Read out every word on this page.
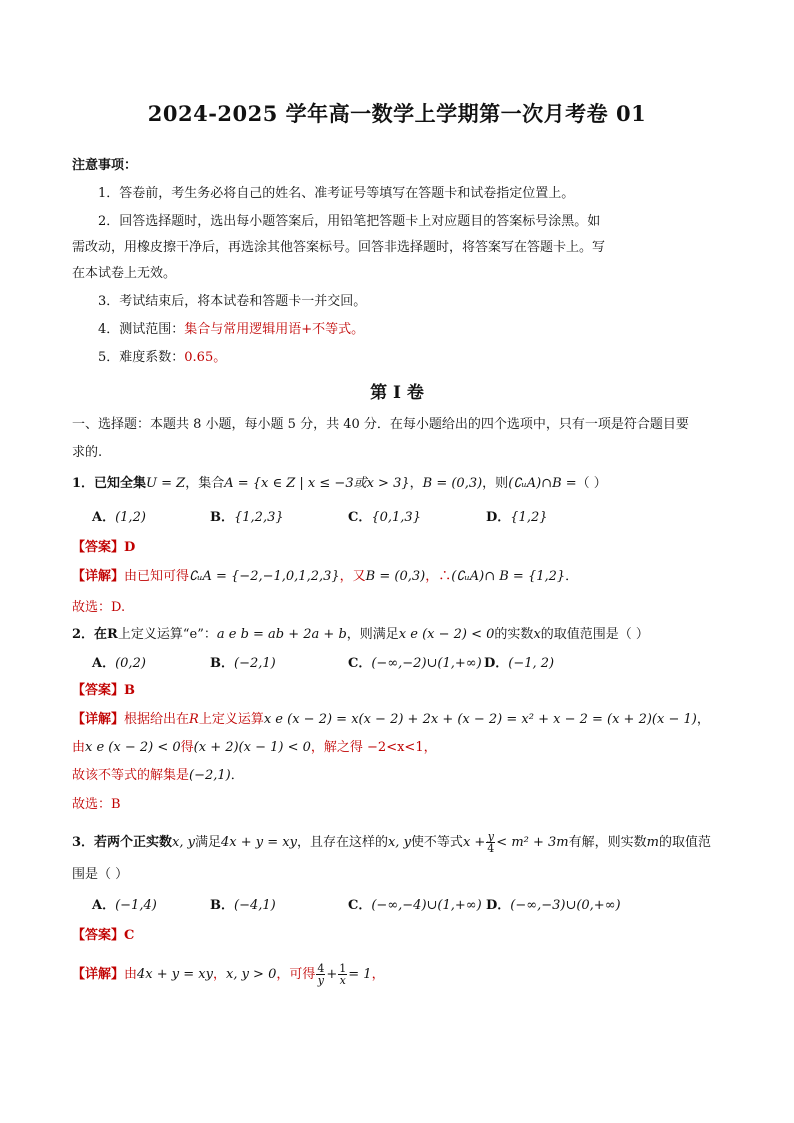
2024-2025 学年高一数学上学期第一次月考卷 01
注意事项：
1．答卷前，考生务必将自己的姓名、准考证号等填写在答题卡和试卷指定位置上。
2．回答选择题时，选出每小题答案后，用铅笔把答题卡上对应题目的答案标号涂黑。如
需改动，用橡皮擦干净后，再选涂其他答案标号。回答非选择题时，将答案写在答题卡上。写
在本试卷上无效。
3．考试结束后，将本试卷和答题卡一并交回。
4．测试范围：集合与常用逻辑用语+不等式。
5．难度系数：0.65。
第 Ⅰ 卷
一、选择题：本题共 8 小题，每小题 5 分，共 40 分．在每小题给出的四个选项中，只有一项是符合题目要
求的.
1．已知全集U = Z，集合A = {x ∈ Z | x ≤ −3或x > 3}，B = (0,3)，则(∁ᵤA)∩B =（ ）
A．(1,2)	B．{1,2,3}	C．{0,1,3}	D．{1,2}
【答案】D
【详解】由已知可得∁ᵤA = {−2,−1,0,1,2,3}，又B = (0,3)，∴(∁ᵤA)∩ B = {1,2}．
故选：D.
2．在R上定义运算“e”：a e b = ab + 2a + b，则满足x e (x − 2) < 0的实数x的取值范围是（ ）
A．(0,2)	B．(−2,1)	C．(−∞,−2)∪(1,+∞) D．(−1, 2)
【答案】B
【详解】根据给出在R上定义运算x e (x − 2) = x(x − 2) + 2x + (x − 2) = x² + x − 2 = (x + 2)(x − 1)，
由x e (x − 2) < 0得(x + 2)(x − 1) < 0，解之得 −2<x<1，
故该不等式的解集是(−2,1)．
故选：B
3．若两个正实数x, y满足4x + y = xy，且存在这样的x, y使不等式$x + \frac{y}{4} < m^2 + 3m$有解，则实数m的取值范
围是（ ）
A．(−1,4)	B．(−4,1)	C．(−∞,−4)∪(1,+∞) D．(−∞,−3)∪(0,+∞)
【答案】C
【详解】由4x + y = xy，x, y > 0，可得 $\frac{4}{y} + \frac{1}{x} = 1$，
